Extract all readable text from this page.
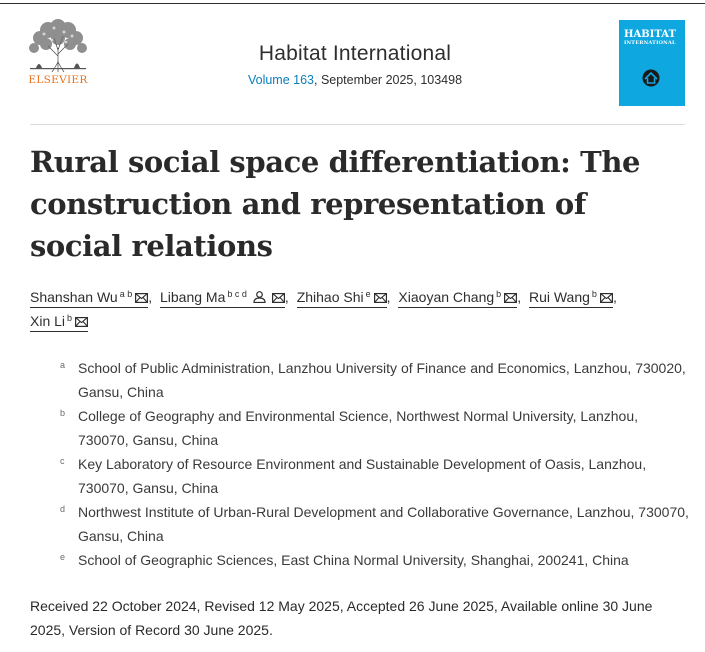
ELSEVIER
Habitat International
Volume 163, September 2025, 103498
HABITAT
INTERNATIONAL
Rural social space differentiation: The construction and representation of social relations
Shanshan Wu $^{a b}$ , Libang Ma $^{b c d}$	, Zhihao Shi $^e$ , Xiaoyan Chang $^b$ , Rui Wang $^b$ ,
Xin Li $^b$
a School of Public Administration, Lanzhou University of Finance and Economics, Lanzhou, 730020, Gansu, China
b College of Geography and Environmental Science, Northwest Normal University, Lanzhou, 730070, Gansu, China
c Key Laboratory of Resource Environment and Sustainable Development of Oasis, Lanzhou, 730070, Gansu, China
d Northwest Institute of Urban-Rural Development and Collaborative Governance, Lanzhou, 730070, Gansu, China
e School of Geographic Sciences, East China Normal University, Shanghai, 200241, China

Received 22 October 2024, Revised 12 May 2025, Accepted 26 June 2025, Available online 30 June 2025, Version of Record 30 June 2025.
